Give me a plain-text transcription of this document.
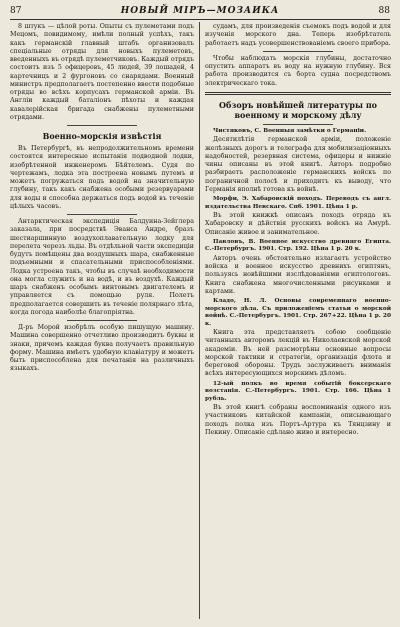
87	НОВЫЙ МІРЪ—МОЗАИКА	88

8 штукъ — цѣлой роты. Опыты съ пулеметами подъ Мецомъ, повидимому, имѣли полный успѣхъ, такъ какъ германскій главный штабъ организовалъ спеціальные отряды для новыхъ пулеметовъ, введенныхъ въ отрядѣ пулеметчиковъ. Каждый отрядъ состоитъ изъ 5 офицеровъ, 45 людей, 39 лошадей, 4 картечницъ и 2 фургоновъ со снарядами. Военный министръ предполагаетъ постепенно ввести подобные отряды во всѣхъ корпусахъ германской арміи. Въ Англіи каждый баталіонъ пѣхоты и каждая кавалерійская бригада снабжены пулеметными отрядами.

Военно-морскія извѣстія

Въ Петербургѣ, въ непродолжительномъ времени состоятся интересные испытанія подводной лодки, изобрѣтенной инженеромъ Бѣйтелемъ. Судя по чертежамъ, лодка эта построена новымъ путемъ и можетъ погружаться подъ водой на значительную глубину, такъ какъ снабжена особыми резервуарами для воды и способна держаться подъ водой въ теченіе цѣлыхъ часовъ.

Антарктическая экспедиція Балдуина-Зейглера заказала, при посредствѣ Эванса Андре, бразъ шестиаршинную воздухоплавательную лодку для перелета черезъ льды. Въ отдѣльной части экспедиціи будутъ помѣщены два воздушныхъ шара, снабженные подъемными и спасательными приспособленіями. Лодка устроена такъ, чтобы въ случаѣ необходимости она могла служить и на водѣ, и въ воздухѣ. Каждый шаръ снабженъ особымъ винтовымъ двигателемъ и управляется съ помощью руля. Полетъ предполагается совершить въ теченіе полярнаго лѣта, когда погода наиболѣе благопріятна.

Д-ръ Морой изобрѣлъ особую пишущую машину. Машина совершенно отчетливо производитъ буквы и знаки, причемъ каждая буква получаетъ правильную форму. Машина имѣетъ удобную клавіатуру и можетъ быть приспособлена для печатанія на различныхъ языкахъ.

судамъ, для произведенія съемокъ подъ водой и для изученія морского дна. Теперь изобрѣтатель работаетъ надъ усовершенствованіемъ своего прибора.

Чтобы наблюдать морскія глубины, достаточно опустить аппаратъ въ воду на нужную глубину. Вся работа производится съ борта судна посредствомъ электрическаго тока.

Обзоръ новѣйшей литературы по военному и морскому дѣлу
Чистяковъ, С. Военныя замѣтки о Германіи.

Десятилѣтія германской арміи, положеніе желѣзныхъ дорогъ и телеграфа для мобилизаціонныхъ надобностей, резервная система, офицеры и нижніе чины описаны въ этой книгѣ. Авторъ подробно разбираетъ расположеніе германскихъ войскъ по пограничной полосѣ и приходитъ къ выводу, что Германія вполнѣ готова къ войнѣ.

Морфи, Э. Хабаровскій походъ. Переводъ съ англ. издательства Невскаго. Спб. 1901. Цѣна 1 р.

Въ этой книжкѣ описанъ походъ отряда къ Хабаровску и дѣйствія русскихъ войскъ на Амурѣ. Описаніе живое и занимательное.

Павловъ, В. Военное искусство древняго Египта. С.-Петербургъ. 1901. Стр. 192. Цѣна 1 р. 20 к.

Авторъ очень обстоятельно излагаетъ устройство войска и военное искусство древнихъ египтянъ, пользуясь новѣйшими изслѣдованіями египтологовъ. Книга снабжена многочисленными рисунками и картами.

Кладо, Н. Л. Основы современнаго военно-морского дѣла. Съ приложеніемъ статьи о морской войнѣ. С.-Петербургъ. 1901. Стр. 267+22. Цѣна 1 р. 20 к.

Книга эта представляетъ собою сообщеніе читанныхъ авторомъ лекцій въ Николаевской морской академіи. Въ ней разсмотрѣны основные вопросы морской тактики и стратегіи, организація флота и береговой обороны. Трудъ заслуживаетъ вниманія всѣхъ интересующихся морскимъ дѣломъ.

12-ый полкъ во время событій боксерскаго возстанія. С.-Петербургъ. 1901. Стр. 166. Цѣна 1 рубль.

Въ этой книгѣ собраны воспоминанія одного изъ участниковъ китайской кампаніи, описывающаго походъ полка изъ Портъ-Артура къ Тянцзину и Пекину. Описаніе сдѣлано живо и интересно.
